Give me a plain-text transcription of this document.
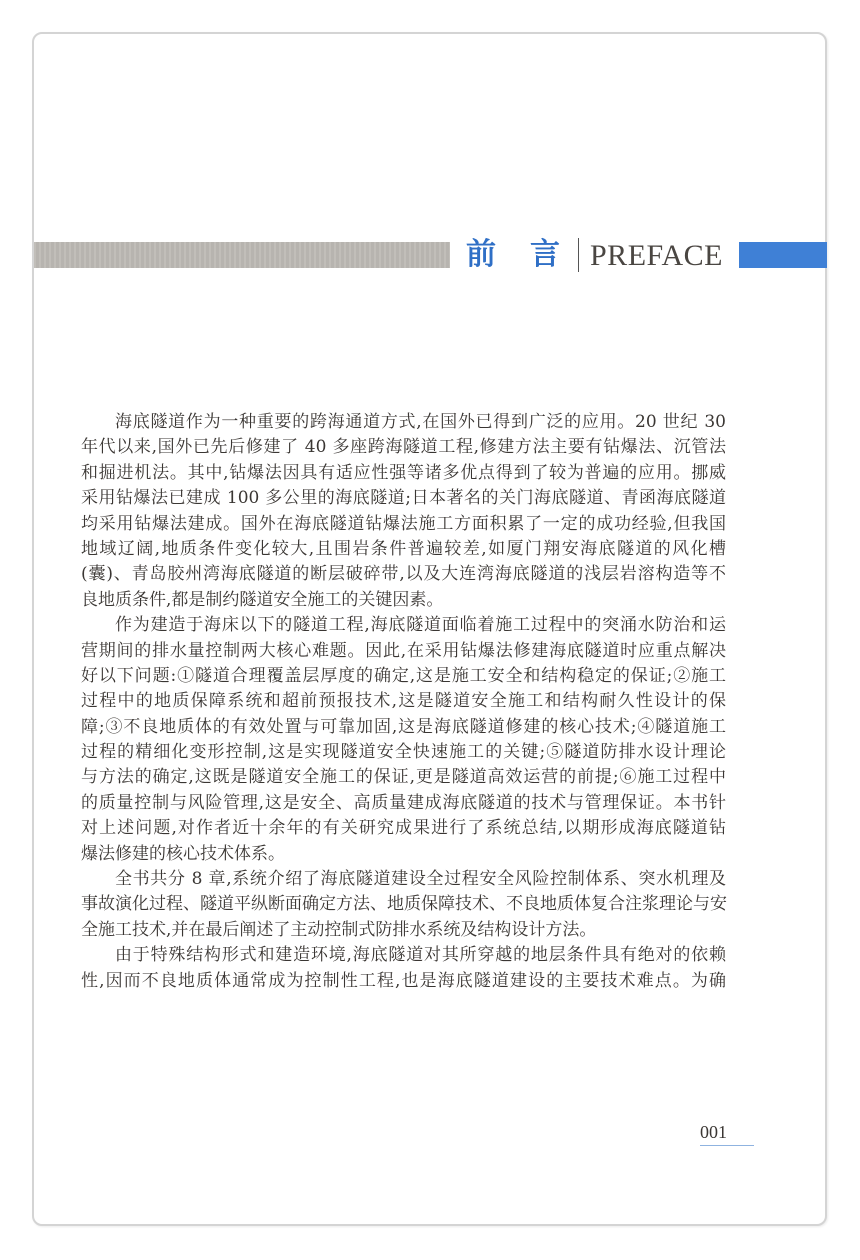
前 言 PREFACE
海底隧道作为一种重要的跨海通道方式,在国外已得到广泛的应用。20 世纪 30
年代以来,国外已先后修建了 40 多座跨海隧道工程,修建方法主要有钻爆法、沉管法
和掘进机法。其中,钻爆法因具有适应性强等诸多优点得到了较为普遍的应用。挪威
采用钻爆法已建成 100 多公里的海底隧道;日本著名的关门海底隧道、青函海底隧道
均采用钻爆法建成。国外在海底隧道钻爆法施工方面积累了一定的成功经验,但我国
地域辽阔,地质条件变化较大,且围岩条件普遍较差,如厦门翔安海底隧道的风化槽
(囊)、青岛胶州湾海底隧道的断层破碎带,以及大连湾海底隧道的浅层岩溶构造等不
良地质条件,都是制约隧道安全施工的关键因素。
作为建造于海床以下的隧道工程,海底隧道面临着施工过程中的突涌水防治和运
营期间的排水量控制两大核心难题。因此,在采用钻爆法修建海底隧道时应重点解决
好以下问题:①隧道合理覆盖层厚度的确定,这是施工安全和结构稳定的保证;②施工
过程中的地质保障系统和超前预报技术,这是隧道安全施工和结构耐久性设计的保
障;③不良地质体的有效处置与可靠加固,这是海底隧道修建的核心技术;④隧道施工
过程的精细化变形控制,这是实现隧道安全快速施工的关键;⑤隧道防排水设计理论
与方法的确定,这既是隧道安全施工的保证,更是隧道高效运营的前提;⑥施工过程中
的质量控制与风险管理,这是安全、高质量建成海底隧道的技术与管理保证。本书针
对上述问题,对作者近十余年的有关研究成果进行了系统总结,以期形成海底隧道钻
爆法修建的核心技术体系。
全书共分 8 章,系统介绍了海底隧道建设全过程安全风险控制体系、突水机理及
事故演化过程、隧道平纵断面确定方法、地质保障技术、不良地质体复合注浆理论与安
全施工技术,并在最后阐述了主动控制式防排水系统及结构设计方法。
由于特殊结构形式和建造环境,海底隧道对其所穿越的地层条件具有绝对的依赖
性,因而不良地质体通常成为控制性工程,也是海底隧道建设的主要技术难点。为确
001
